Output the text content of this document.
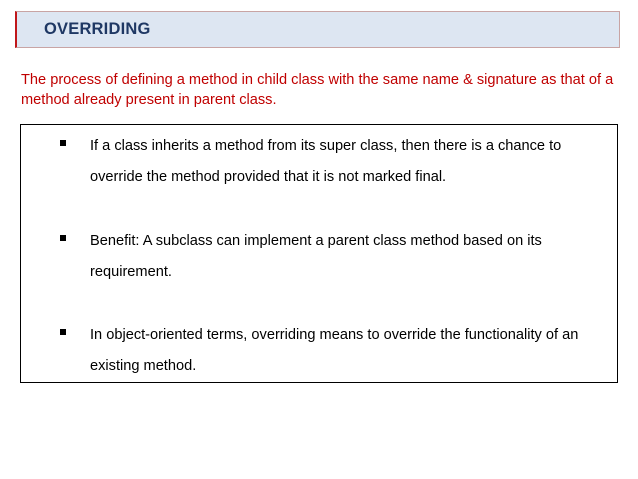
OVERRIDING

The process of defining a method in child class with the same name & signature as that of a method already present in parent class.

If a class inherits a method from its super class, then there is a chance to override the method provided that it is not marked final.
Benefit: A subclass can implement a parent class method based on its requirement.
In object-oriented terms, overriding means to override the functionality of an existing method.
